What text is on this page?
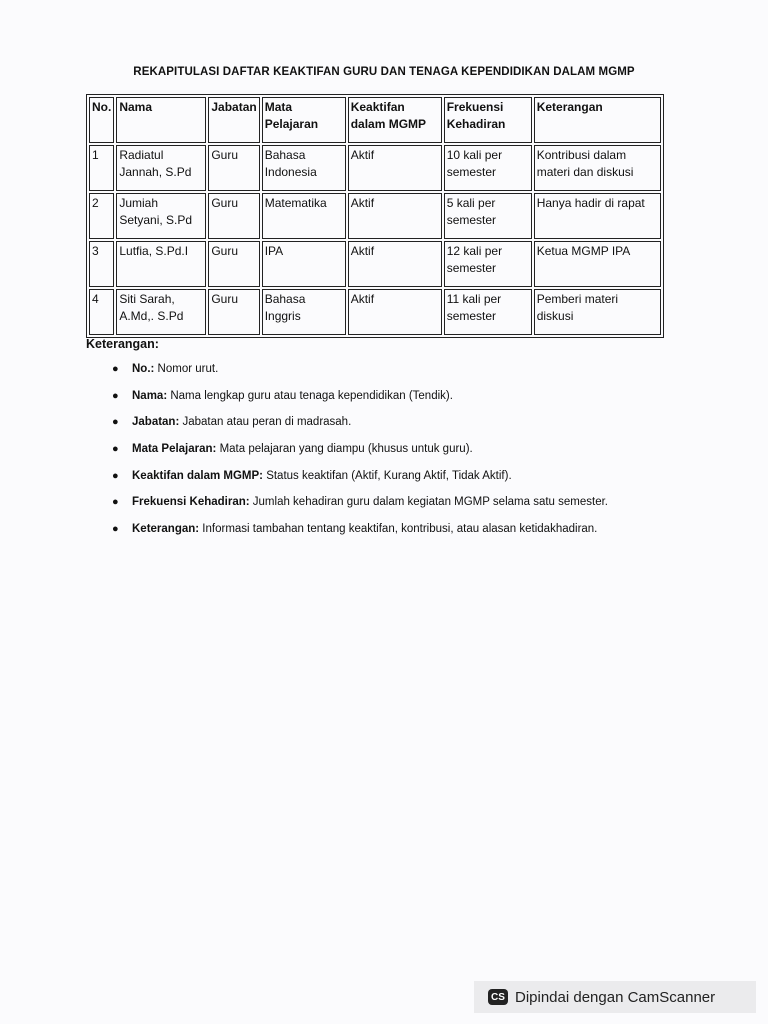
REKAPITULASI DAFTAR KEAKTIFAN GURU DAN TENAGA KEPENDIDIKAN DALAM MGMP
No.	Nama	Jabatan	Mata Pelajaran	Keaktifan dalam MGMP	Frekuensi Kehadiran	Keterangan
1	Radiatul Jannah, S.Pd	Guru	Bahasa Indonesia	Aktif	10 kali per semester	Kontribusi dalam materi dan diskusi
2	Jumiah Setyani, S.Pd	Guru	Matematika	Aktif	5 kali per semester	Hanya hadir di rapat
3	Lutfia, S.Pd.I	Guru	IPA	Aktif	12 kali per semester	Ketua MGMP IPA
4	Siti Sarah, A.Md,. S.Pd	Guru	Bahasa Inggris	Aktif	11 kali per semester	Pemberi materi diskusi
Keterangan:
● No.: Nomor urut.
● Nama: Nama lengkap guru atau tenaga kependidikan (Tendik).
● Jabatan: Jabatan atau peran di madrasah.
● Mata Pelajaran: Mata pelajaran yang diampu (khusus untuk guru).
● Keaktifan dalam MGMP: Status keaktifan (Aktif, Kurang Aktif, Tidak Aktif).
● Frekuensi Kehadiran: Jumlah kehadiran guru dalam kegiatan MGMP selama satu semester.
● Keterangan: Informasi tambahan tentang keaktifan, kontribusi, atau alasan ketidakhadiran.
CS Dipindai dengan CamScanner
